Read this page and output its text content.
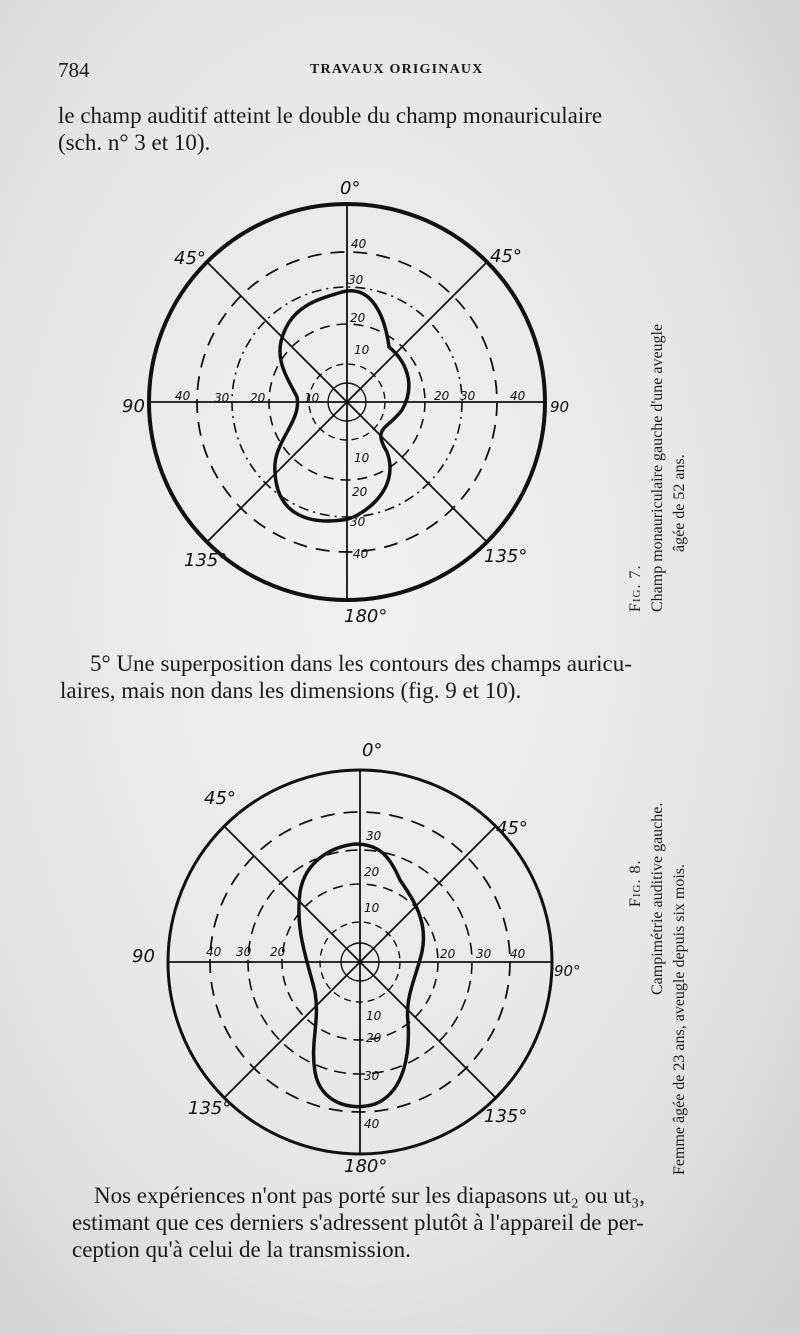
784	TRAVAUX ORIGINAUX
le champ auditif atteint le double du champ monauriculaire
(sch. n° 3 et 10).
0°
45°	45°
90	90
135°	135°
180°
40
30
20
10
40 30 20	10	20 30	40
10
20
30
40
Fig. 7. Champ monauriculaire gauche d'une aveugle âgée de 52 ans.
5° Une superposition dans les contours des champs auricu-
laires, mais non dans les dimensions (fig. 9 et 10).
0°
45°
45°
90
90°
135°	135°
180°
30
20
10
40 30 20	20 30 40
10
20
30
40
Fig. 8. Campimétrie auditive gauche. Femme âgée de 23 ans, aveugle depuis six mois.
Nos expériences n'ont pas porté sur les diapasons ut₂ ou ut₃,
estimant que ces derniers s'adressent plutôt à l'appareil de per-
ception qu'à celui de la transmission.
